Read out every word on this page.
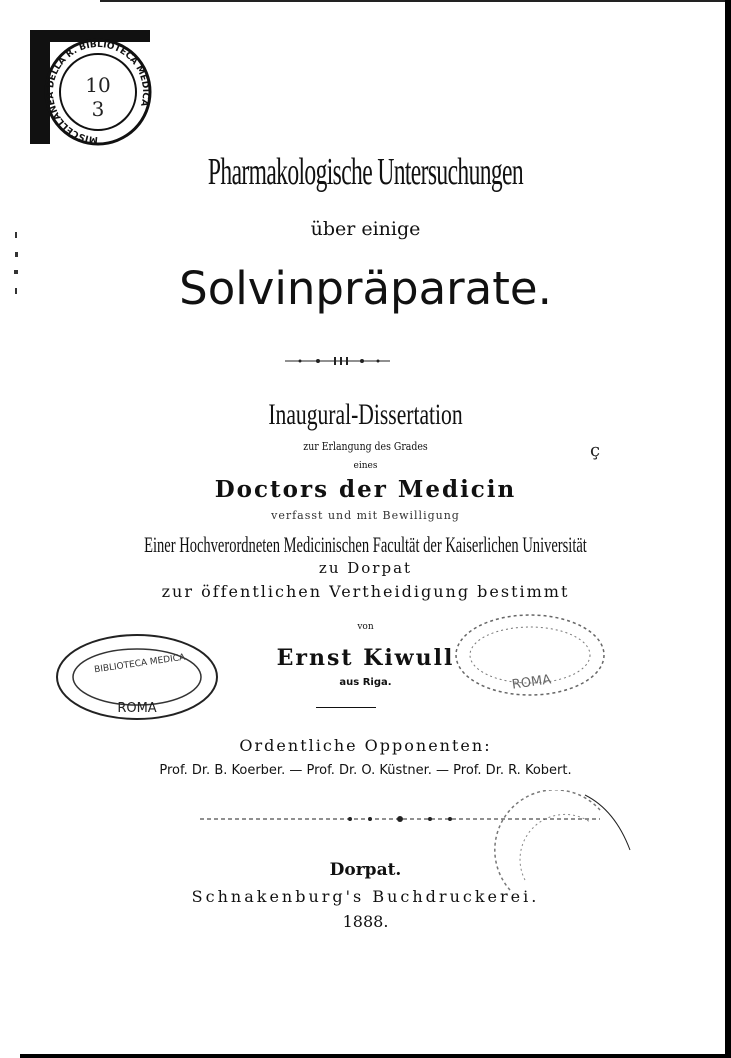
10
3
MISCELLANEA DELLA R. BIBLIOTECA MEDICA
BIBLIOTECA MEDICA
ROMA
ROMA
ç
Pharmakologische Untersuchungen
über einige
Solvinpräparate.
Inaugural-Dissertation
zur Erlangung des Grades
eines
Doctors der Medicin
verfasst und mit Bewilligung
Einer Hochverordneten Medicinischen Facultät der Kaiserlichen Universität
zu Dorpat
zur öffentlichen Vertheidigung bestimmt
von
Ernst Kiwull
aus Riga.
Ordentliche Opponenten:
Prof. Dr. B. Koerber. — Prof. Dr. O. Küstner. — Prof. Dr. R. Kobert.
Dorpat.
Schnakenburg's Buchdruckerei.
1888.
